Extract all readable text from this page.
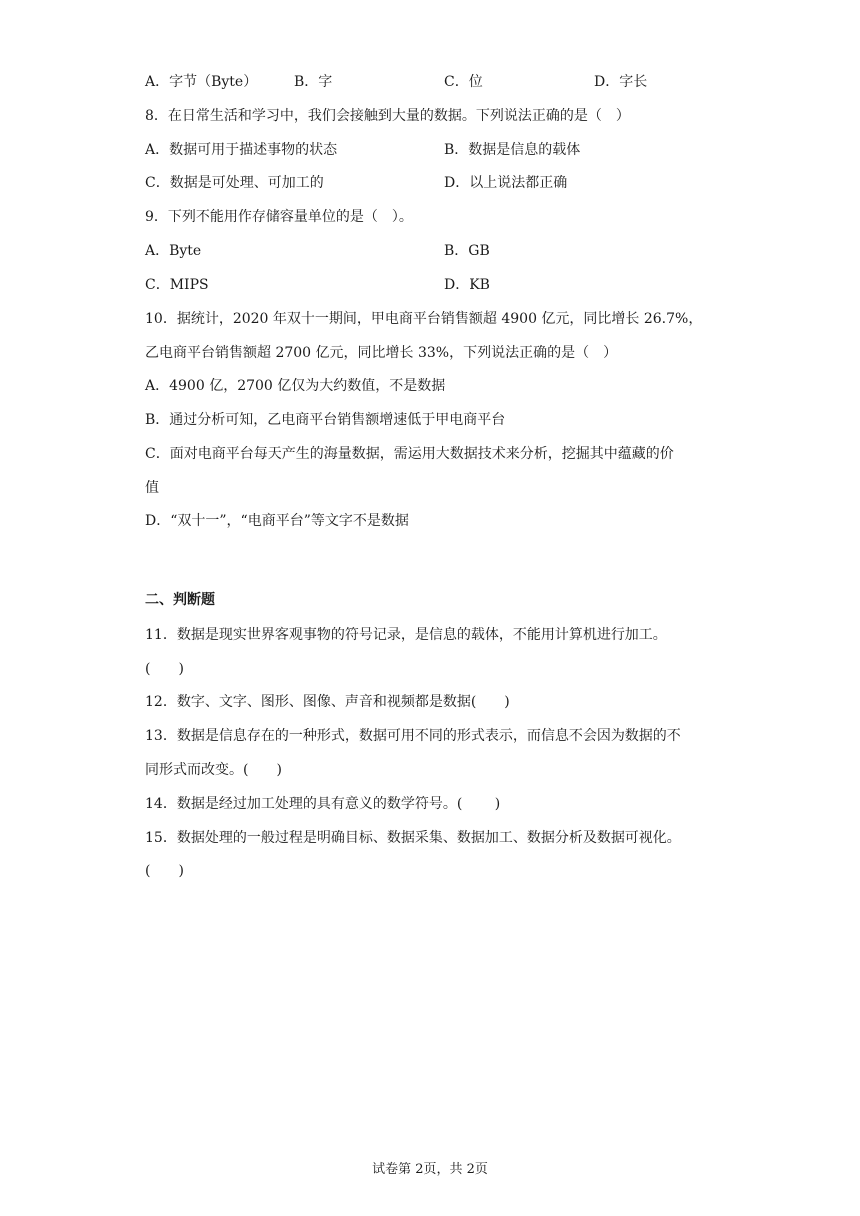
A．字节（Byte）	B．字	C．位	D．字长
8．在日常生活和学习中，我们会接触到大量的数据。下列说法正确的是（　）
A．数据可用于描述事物的状态	B．数据是信息的载体
C．数据是可处理、可加工的	D．以上说法都正确
9．下列不能用作存储容量单位的是（　）。
A．Byte	B．GB
C．MIPS	D．KB
10．据统计，2020 年双十一期间，甲电商平台销售额超 4900 亿元，同比增长 26.7%，
乙电商平台销售额超 2700 亿元，同比增长 33%，下列说法正确的是（　）
A．4900 亿，2700 亿仅为大约数值，不是数据
B．通过分析可知，乙电商平台销售额增速低于甲电商平台
C．面对电商平台每天产生的海量数据，需运用大数据技术来分析，挖掘其中蕴藏的价
值
D．“双十一”，“电商平台”等文字不是数据
二、判断题
11．数据是现实世界客观事物的符号记录，是信息的载体，不能用计算机进行加工。
(　　)
12．数字、文字、图形、图像、声音和视频都是数据(　　)
13．数据是信息存在的一种形式，数据可用不同的形式表示，而信息不会因为数据的不
同形式而改变。(　　)
14．数据是经过加工处理的具有意义的数学符号。(　　 )
15．数据处理的一般过程是明确目标、数据采集、数据加工、数据分析及数据可视化。
(　　)
试卷第 2页，共 2页
